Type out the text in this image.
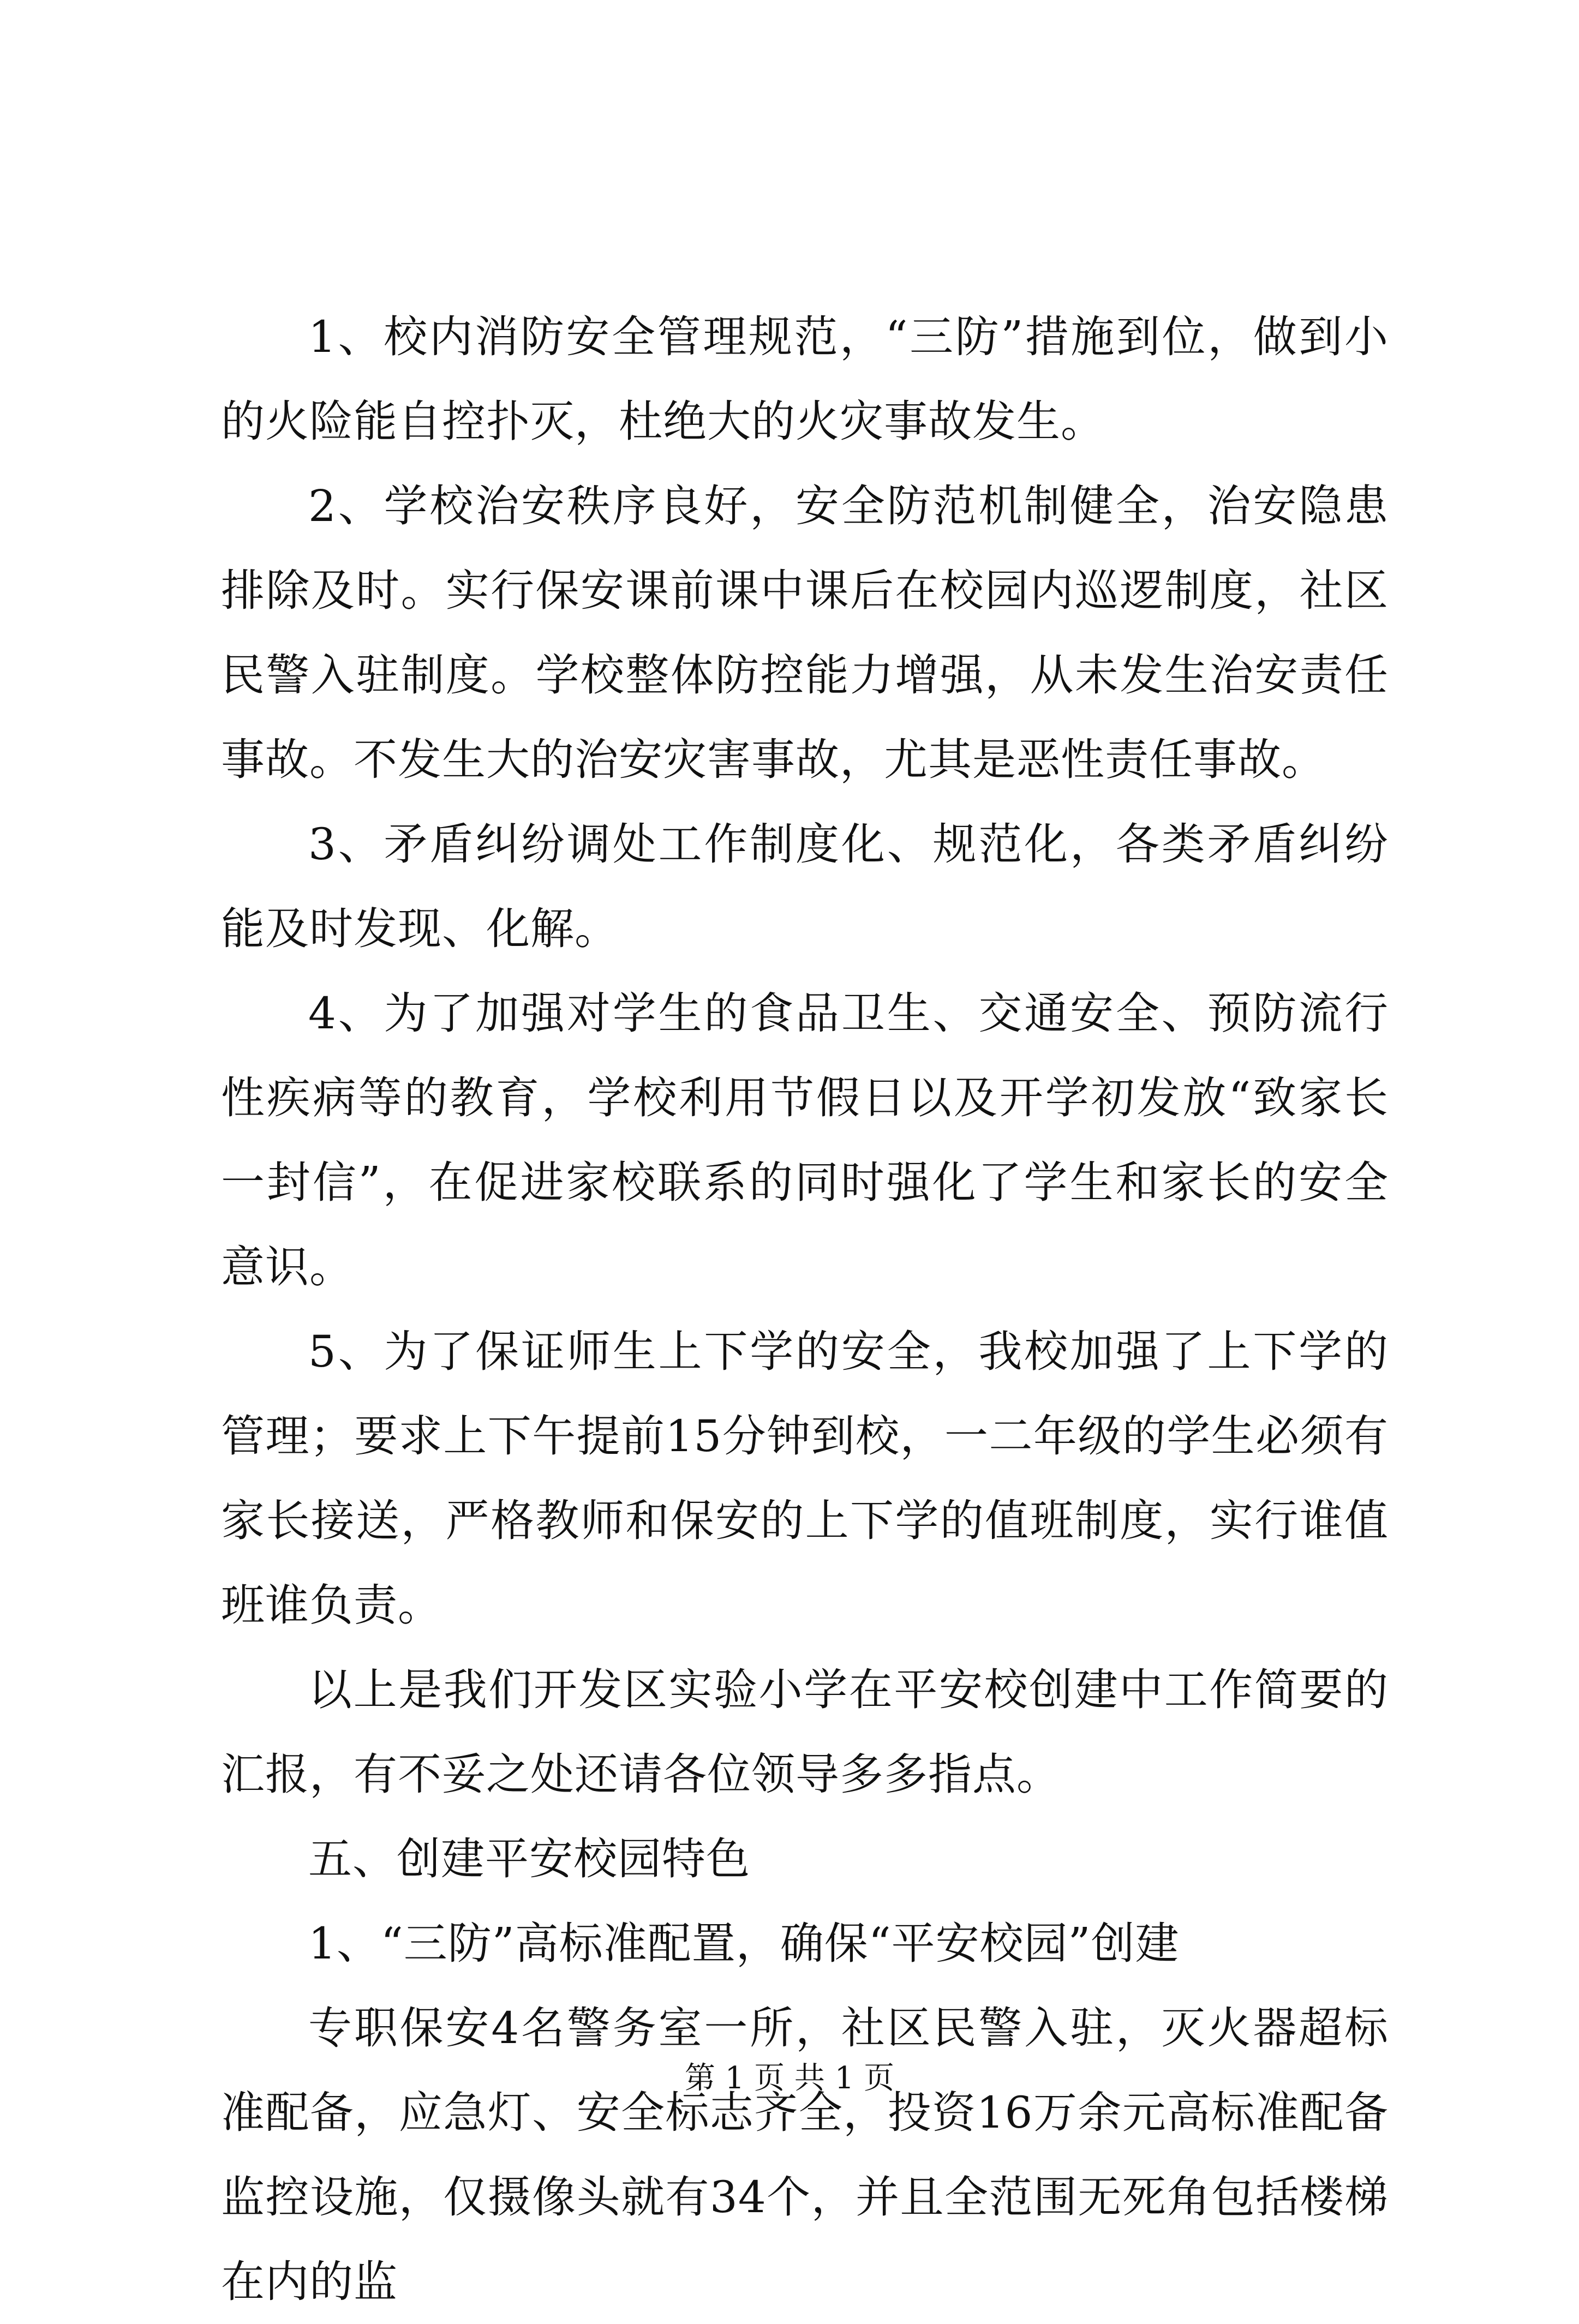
1、校内消防安全管理规范，“三防”措施到位，做到小的火险能自控扑灭，杜绝大的火灾事故发生。

2、学校治安秩序良好，安全防范机制健全，治安隐患排除及时。实行保安课前课中课后在校园内巡逻制度，社区民警入驻制度。学校整体防控能力增强，从未发生治安责任事故。不发生大的治安灾害事故，尤其是恶性责任事故。

3、矛盾纠纷调处工作制度化、规范化，各类矛盾纠纷能及时发现、化解。

4、为了加强对学生的食品卫生、交通安全、预防流行性疾病等的教育，学校利用节假日以及开学初发放“致家长一封信”，在促进家校联系的同时强化了学生和家长的安全意识。

5、为了保证师生上下学的安全，我校加强了上下学的管理；要求上下午提前15分钟到校，一二年级的学生必须有家长接送，严格教师和保安的上下学的值班制度，实行谁值班谁负责。

以上是我们开发区实验小学在平安校创建中工作简要的汇报，有不妥之处还请各位领导多多指点。

五、创建平安校园特色

1、“三防”高标准配置，确保“平安校园”创建

专职保安4名警务室一所，社区民警入驻，灭火器超标准配备，应急灯、安全标志齐全，投资16万余元高标准配备监控设施，仅摄像头就有34个，并且全范围无死角包括楼梯在内的监

第 1 页 共 1 页
